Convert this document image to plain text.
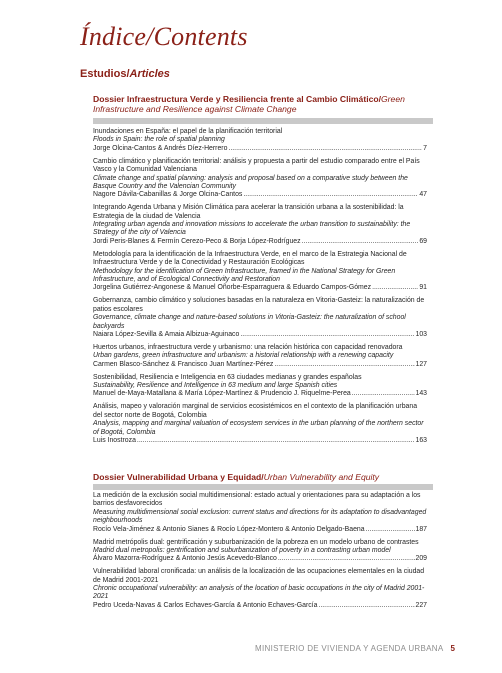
Índice/Contents
Estudios/Articles
Dossier Infraestructura Verde y Resiliencia frente al Cambio Climático/Green Infrastructure and Resilience against Climate Change
Inundaciones en España: el papel de la planificación territorial
Floods in Spain: the role of spatial planning
Jorge Olcina-Cantos & Andrés Díez-Herrero .....	7
Cambio climático y planificación territorial: análisis y propuesta a partir del estudio comparado entre el País Vasco y la Comunidad Valenciana
Climate change and spatial planning: analysis and proposal based on a comparative study between the Basque Country and the Valencian Community
Nagore Dávila-Cabanillas & Jorge Olcina-Cantos .....	47
Integrando Agenda Urbana y Misión Climática para acelerar la transición urbana a la sostenibilidad: la Estrategia de la ciudad de Valencia
Integrating urban agenda and innovation missions to accelerate the urban transition to sustainability: the Strategy of the city of Valencia
Jordi Peris-Blanes & Fermín Cerezo-Peco & Borja López-Rodríguez .....	69
Metodología para la identificación de la Infraestructura Verde, en el marco de la Estrategia Nacional de Infraestructura Verde y de la Conectividad y Restauración Ecológicas
Methodology for the identification of Green Infrastructure, framed in the National Strategy for Green Infrastructure, and of Ecological Connectivity and Restoration
Jorgelina Gutiérrez-Angonese & Manuel Oñorbe-Esparraguera & Eduardo Campos-Gómez .....	91
Gobernanza, cambio climático y soluciones basadas en la naturaleza en Vitoria-Gasteiz: la naturalización de patios escolares
Governance, climate change and nature-based solutions in Vitoria-Gasteiz: the naturalization of school backyards
Naiara López-Sevilla & Amaia Albizua-Aguinaco .....	103
Huertos urbanos, infraestructura verde y urbanismo: una relación histórica con capacidad renovadora
Urban gardens, green infrastructure and urbanism: a historial relationship with a renewing capacity
Carmen Blasco-Sánchez & Francisco Juan Martínez-Pérez .....	127
Sostenibilidad, Resiliencia e Inteligencia en 63 ciudades medianas y grandes españolas
Sustainability, Resilience and Intelligence in 63 medium and large Spanish cities
Manuel de-Maya-Matallana & María López-Martínez & Prudencio J. Riquelme-Perea .....	143
Análisis, mapeo y valoración marginal de servicios ecosistémicos en el contexto de la planificación urbana del sector norte de Bogotá, Colombia
Analysis, mapping and marginal valuation of ecosystem services in the urban planning of the northern sector of Bogotá, Colombia
Luis Inostroza .....	163
Dossier Vulnerabilidad Urbana y Equidad/Urban Vulnerability and Equity
La medición de la exclusión social multidimensional: estado actual y orientaciones para su adaptación a los barrios desfavorecidos
Measuring multidimensional social exclusion: current status and directions for its adaptation to disadvantaged neighbourhoods
Rocío Vela-Jiménez & Antonio Sianes & Rocío López-Montero & Antonio Delgado-Baena .....	187
Madrid metrópolis dual: gentrificación y suburbanización de la pobreza en un modelo urbano de contrastes
Madrid dual metropolis: gentrification and suburbanization of poverty in a contrasting urban model
Álvaro Mazorra-Rodríguez & Antonio Jesús Acevedo-Blanco .....	209
Vulnerabilidad laboral cronificada: un análisis de la localización de las ocupaciones elementales en la ciudad de Madrid 2001-2021
Chronic occupational vulnerability: an analysis of the location of basic occupations in the city of Madrid 2001-2021
Pedro Uceda-Navas & Carlos Echaves-García & Antonio Echaves-García .....	227
MINISTERIO DE VIVIENDA Y AGENDA URBANA 5
